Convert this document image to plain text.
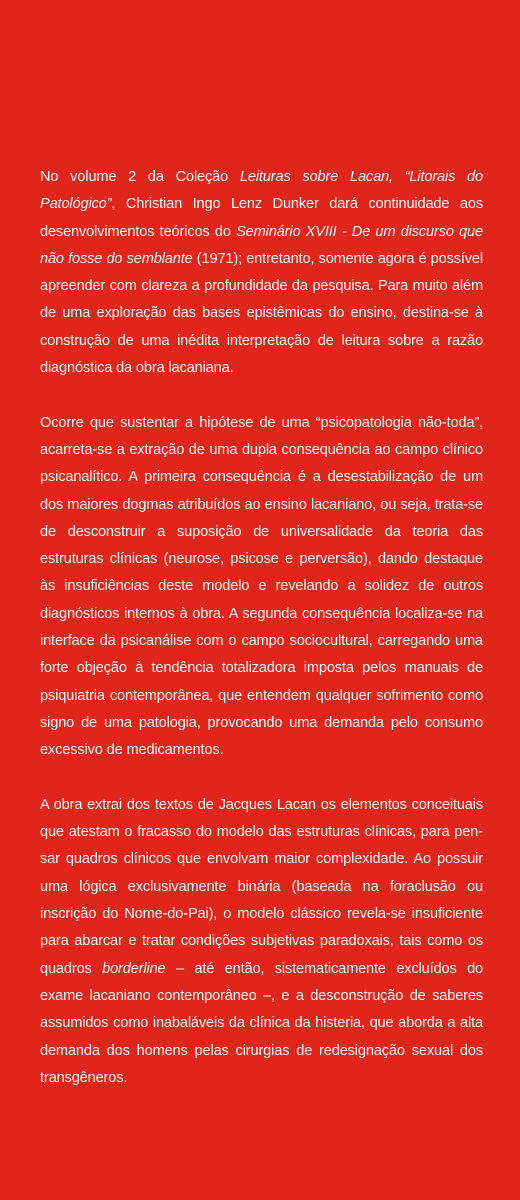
No volume 2 da Coleção Leituras sobre Lacan, “Litorais do Patológico”, Christian Ingo Lenz Dunker dará continuidade aos desenvolvimentos teóricos do Seminário XVIII - De um discurso que não fosse do semblante (1971); entretanto, somente agora é possível apreender com clareza a profundidade da pesquisa. Para muito além de uma exploração das bases epistêmicas do ensino, destina-se à construção de uma inédita interpretação de leitura sobre a razão diagnóstica da obra lacaniana.

Ocorre que sustentar a hipótese de uma “psicopatologia não-toda”, acarreta-se a extração de uma dupla consequência ao campo clínico psicanalítico. A primeira consequência é a desestabilização de um dos maiores dogmas atribuídos ao ensino lacaniano, ou seja, trata-se de desconstruir a suposição de universalidade da teoria das estruturas clínicas (neurose, psicose e perversão), dando destaque às insuficiências deste modelo e revelando a solidez de outros diagnósticos internos à obra. A segunda consequência localiza-se na interface da psicanálise com o campo sociocultural, carregando uma forte objeção à tendência totalizadora imposta pelos manuais de psiquiatria contemporânea, que entendem qualquer sofrimento como signo de uma patologia, provocando uma demanda pelo consumo excessivo de medicamentos.

A obra extrai dos textos de Jacques Lacan os elementos conceituais que atestam o fracasso do modelo das estruturas clínicas, para pensar quadros clínicos que envolvam maior complexidade. Ao possuir uma lógica exclusivamente binária (baseada na foraclusão ou inscrição do Nome-do-Pai), o modelo clássico revela-se insuficiente para abarcar e tratar condições subjetivas paradoxais, tais como os quadros borderline – até então, sistematicamente excluídos do exame lacaniano contemporâneo –, e a desconstrução de saberes assumidos como inabaláveis da clínica da histeria, que aborda a alta demanda dos homens pelas cirurgias de redesignação sexual dos transgêneros.
